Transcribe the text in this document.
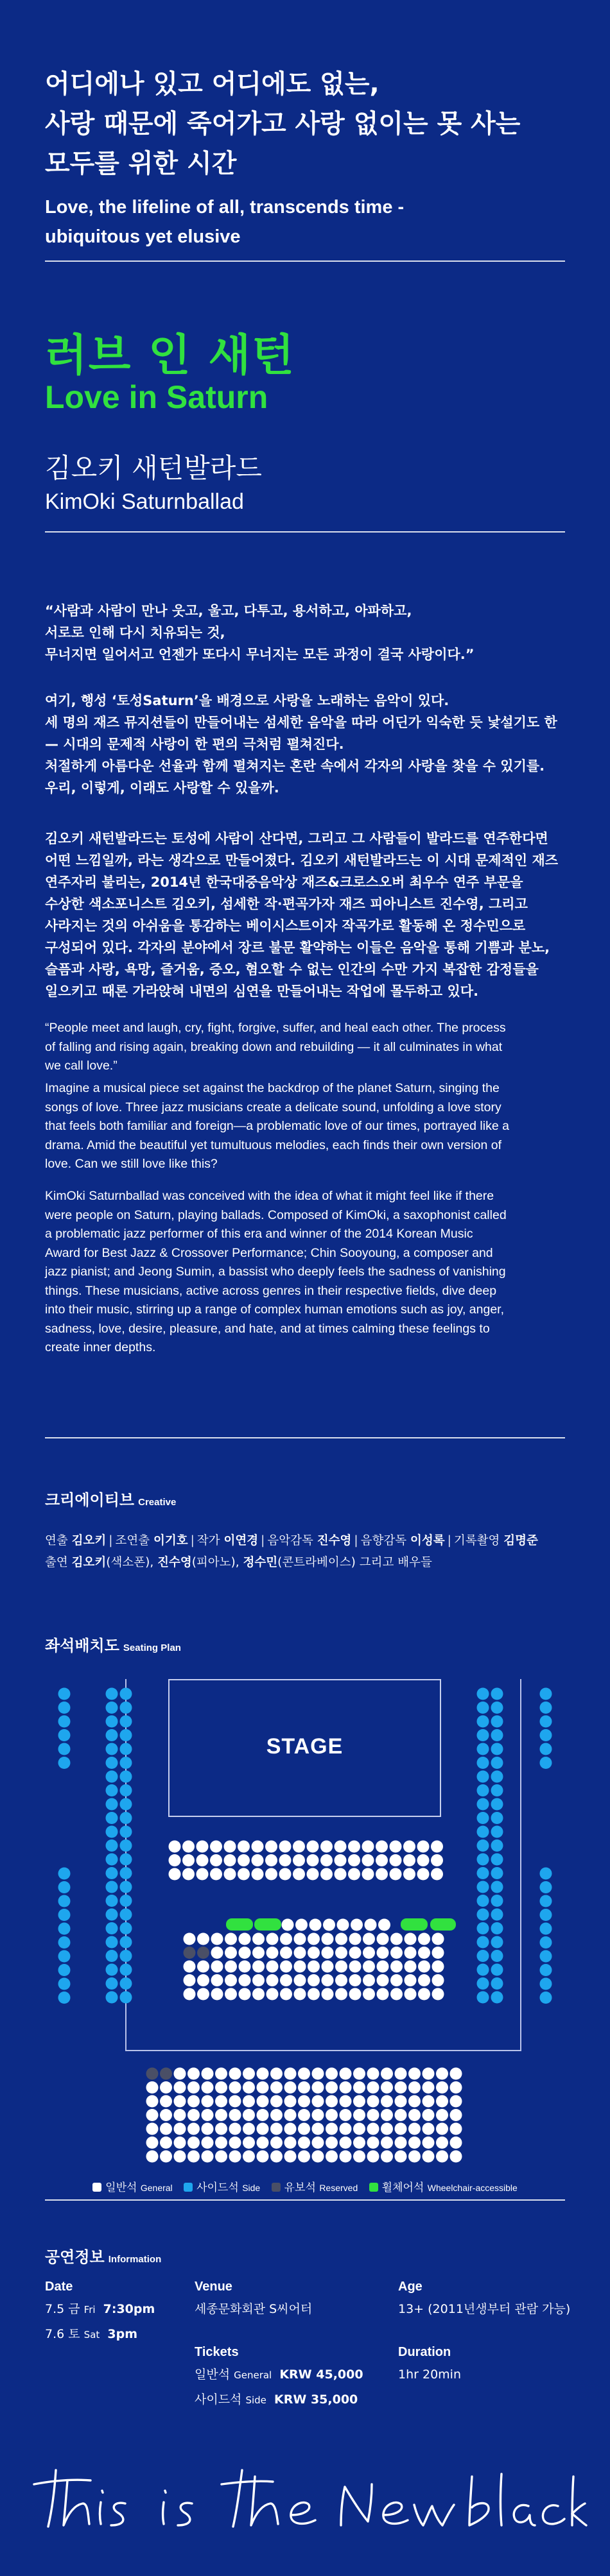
어디에나 있고 어디에도 없는,
사랑 때문에 죽어가고 사랑 없이는 못 사는
모두를 위한 시간
Love, the lifeline of all, transcends time -
ubiquitous yet elusive
러브 인 새턴
Love in Saturn
김오키 새턴발라드
KimOki Saturnballad
“사람과 사람이 만나 웃고, 울고, 다투고, 용서하고, 아파하고,
서로로 인해 다시 치유되는 것,
무너지면 일어서고 언젠가 또다시 무너지는 모든 과정이 결국 사랑이다.”
여기, 행성 ‘토성Saturn’을 배경으로 사랑을 노래하는 음악이 있다.
세 명의 재즈 뮤지션들이 만들어내는 섬세한 음악을 따라 어딘가 익숙한 듯 낯설기도 한
— 시대의 문제적 사랑이 한 편의 극처럼 펼쳐진다.
처절하게 아름다운 선율과 함께 펼쳐지는 혼란 속에서 각자의 사랑을 찾을 수 있기를.
우리, 이렇게, 이래도 사랑할 수 있을까.
김오키 새턴발라드는 토성에 사람이 산다면, 그리고 그 사람들이 발라드를 연주한다면
어떤 느낌일까, 라는 생각으로 만들어졌다. 김오키 새턴발라드는 이 시대 문제적인 재즈
연주자리 불리는, 2014년 한국대중음악상 재즈&크로스오버 최우수 연주 부문을
수상한 색소포니스트 김오키, 섬세한 작·편곡가자 재즈 피아니스트 진수영, 그리고
사라지는 것의 아쉬움을 통감하는 베이시스트이자 작곡가로 활동해 온 정수민으로
구성되어 있다. 각자의 분야에서 장르 불문 활약하는 이들은 음악을 통해 기쁨과 분노,
슬픔과 사랑, 욕망, 즐거움, 증오, 혐오할 수 없는 인간의 수만 가지 복잡한 감정들을
일으키고 때론 가라앉혀 내면의 심연을 만들어내는 작업에 몰두하고 있다.
“People meet and laugh, cry, fight, forgive, suffer, and heal each other. The process
of falling and rising again, breaking down and rebuilding — it all culminates in what
we call love.”
Imagine a musical piece set against the backdrop of the planet Saturn, singing the
songs of love. Three jazz musicians create a delicate sound, unfolding a love story
that feels both familiar and foreign—a problematic love of our times, portrayed like a
drama. Amid the beautiful yet tumultuous melodies, each finds their own version of
love. Can we still love like this?
KimOki Saturnballad was conceived with the idea of what it might feel like if there
were people on Saturn, playing ballads. Composed of KimOki, a saxophonist called
a problematic jazz performer of this era and winner of the 2014 Korean Music
Award for Best Jazz & Crossover Performance; Chin Sooyoung, a composer and
jazz pianist; and Jeong Sumin, a bassist who deeply feels the sadness of vanishing
things. These musicians, active across genres in their respective fields, dive deep
into their music, stirring up a range of complex human emotions such as joy, anger,
sadness, love, desire, pleasure, and hate, and at times calming these feelings to
create inner depths.
크리에이티브 Creative
연출 김오키 | 조연출 이기호 | 작가 이연경 | 음악감독 진수영 | 음향감독 이성록 | 기록촬영 김명준
출연 김오키(색소폰), 진수영(피아노), 정수민(콘트라베이스) 그리고 배우들
좌석배치도 Seating Plan
STAGE
일반석 General 사이드석 Side 유보석 Reserved 휠체어석 Wheelchair-accessible
공연정보 Information
Date
7.5 금 Fri 7:30pm
7.6 토 Sat 3pm
Venue
세종문화회관 S씨어터
Tickets
일반석 General KRW 45,000
사이드석 Side KRW 35,000
Age
13+ (2011년생부터 관람 가능)
Duration
1hr 20min
